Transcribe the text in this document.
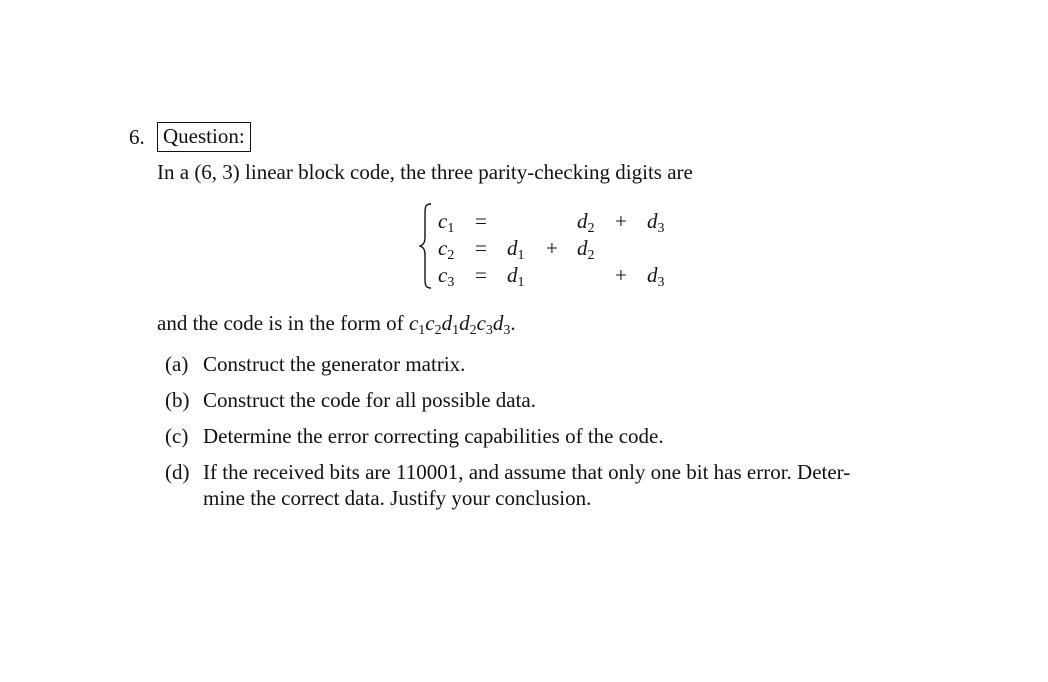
6. Question:
In a (6, 3) linear block code, the three parity-checking digits are
c1 =	d2 + d3
c2 = d1 + d2
c3 = d1	+ d3
and the code is in the form of c1c2d1d2c3d3.
(a) Construct the generator matrix.
(b) Construct the code for all possible data.
(c) Determine the error correcting capabilities of the code.
(d) If the received bits are 110001, and assume that only one bit has error. Deter-
mine the correct data. Justify your conclusion.
